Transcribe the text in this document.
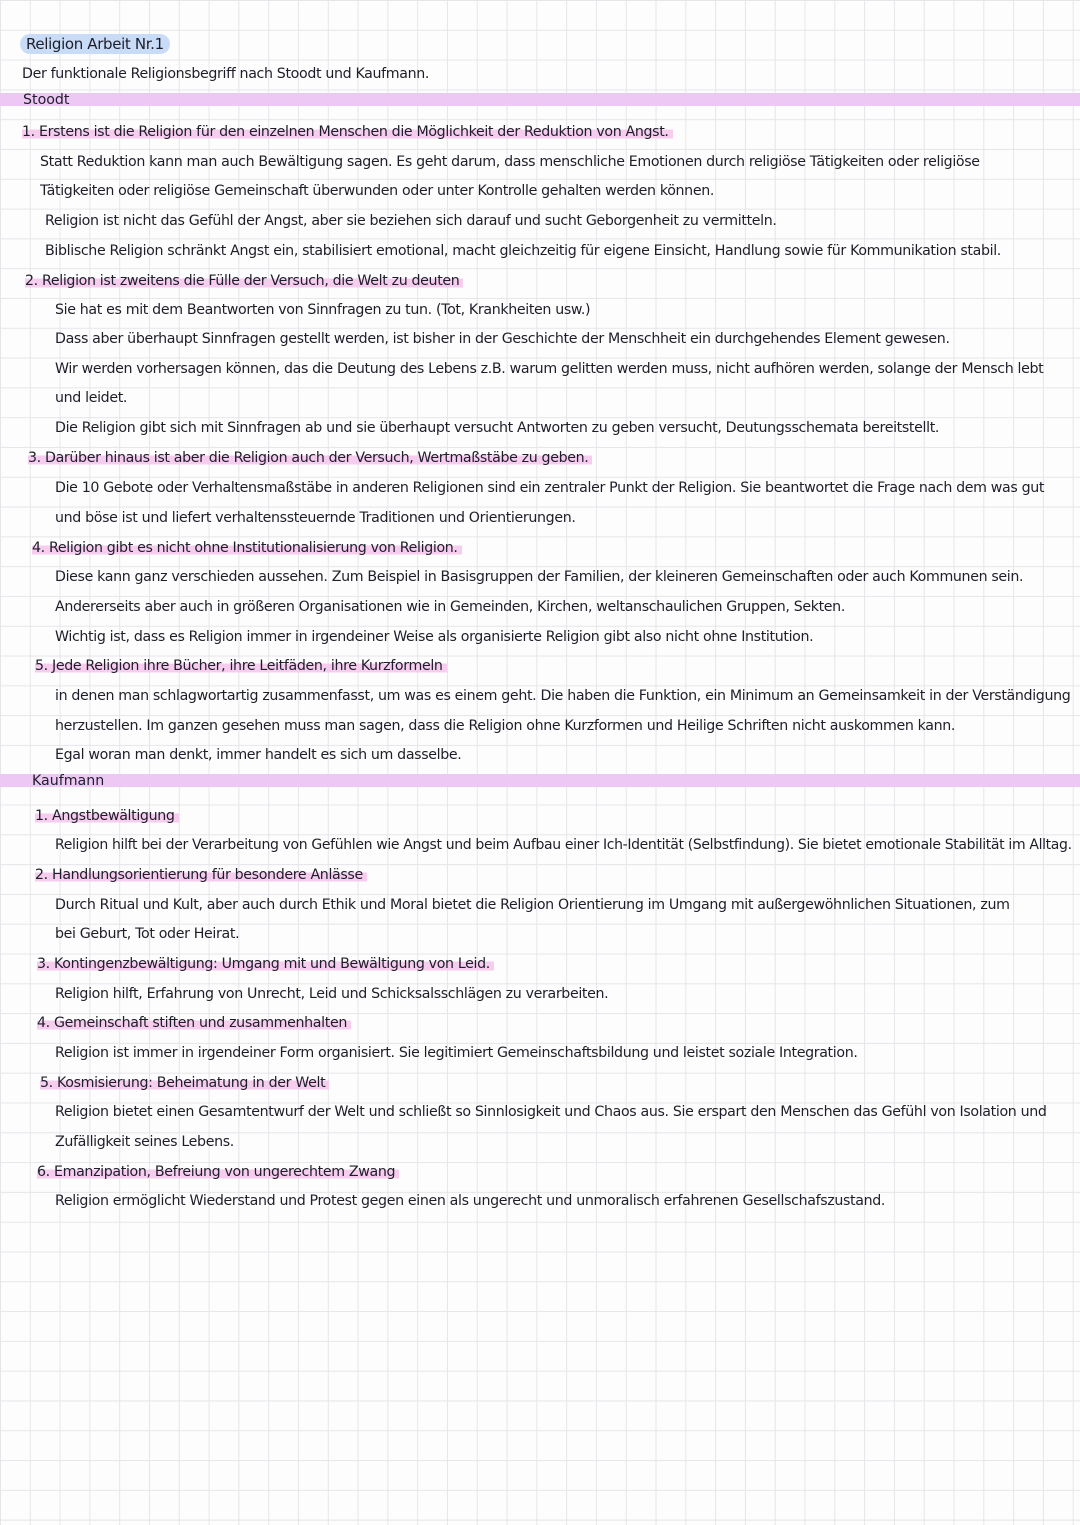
Religion Arbeit Nr.1
Der funktionale Religionsbegriff nach Stoodt und Kaufmann.
Stoodt
1. Erstens ist die Religion für den einzelnen Menschen die Möglichkeit der Reduktion von Angst.
Statt Reduktion kann man auch Bewältigung sagen. Es geht darum, dass menschliche Emotionen durch religiöse Tätigkeiten oder religiöse
Tätigkeiten oder religiöse Gemeinschaft überwunden oder unter Kontrolle gehalten werden können.
Religion ist nicht das Gefühl der Angst, aber sie beziehen sich darauf und sucht Geborgenheit zu vermitteln.
Biblische Religion schränkt Angst ein, stabilisiert emotional, macht gleichzeitig für eigene Einsicht, Handlung sowie für Kommunikation stabil.
2. Religion ist zweitens die Fülle der Versuch, die Welt zu deuten
Sie hat es mit dem Beantworten von Sinnfragen zu tun. (Tot, Krankheiten usw.)
Dass aber überhaupt Sinnfragen gestellt werden, ist bisher in der Geschichte der Menschheit ein durchgehendes Element gewesen.
Wir werden vorhersagen können, das die Deutung des Lebens z.B. warum gelitten werden muss, nicht aufhören werden, solange der Mensch lebt
und leidet.
Die Religion gibt sich mit Sinnfragen ab und sie überhaupt versucht Antworten zu geben versucht, Deutungsschemata bereitstellt.
3. Darüber hinaus ist aber die Religion auch der Versuch, Wertmaßstäbe zu geben.
Die 10 Gebote oder Verhaltensmaßstäbe in anderen Religionen sind ein zentraler Punkt der Religion. Sie beantwortet die Frage nach dem was gut
und böse ist und liefert verhaltenssteuernde Traditionen und Orientierungen.
4. Religion gibt es nicht ohne Institutionalisierung von Religion.
Diese kann ganz verschieden aussehen. Zum Beispiel in Basisgruppen der Familien, der kleineren Gemeinschaften oder auch Kommunen sein.
Andererseits aber auch in größeren Organisationen wie in Gemeinden, Kirchen, weltanschaulichen Gruppen, Sekten.
Wichtig ist, dass es Religion immer in irgendeiner Weise als organisierte Religion gibt also nicht ohne Institution.
5. Jede Religion ihre Bücher, ihre Leitfäden, ihre Kurzformeln
in denen man schlagwortartig zusammenfasst, um was es einem geht. Die haben die Funktion, ein Minimum an Gemeinsamkeit in der Verständigung
herzustellen. Im ganzen gesehen muss man sagen, dass die Religion ohne Kurzformen und Heilige Schriften nicht auskommen kann.
Egal woran man denkt, immer handelt es sich um dasselbe.
Kaufmann
1. Angstbewältigung
Religion hilft bei der Verarbeitung von Gefühlen wie Angst und beim Aufbau einer Ich-Identität (Selbstfindung). Sie bietet emotionale Stabilität im Alltag.
2. Handlungsorientierung für besondere Anlässe
Durch Ritual und Kult, aber auch durch Ethik und Moral bietet die Religion Orientierung im Umgang mit außergewöhnlichen Situationen, zum
bei Geburt, Tot oder Heirat.
3. Kontingenzbewältigung: Umgang mit und Bewältigung von Leid.
Religion hilft, Erfahrung von Unrecht, Leid und Schicksalsschlägen zu verarbeiten.
4. Gemeinschaft stiften und zusammenhalten
Religion ist immer in irgendeiner Form organisiert. Sie legitimiert Gemeinschaftsbildung und leistet soziale Integration.
5. Kosmisierung: Beheimatung in der Welt
Religion bietet einen Gesamtentwurf der Welt und schließt so Sinnlosigkeit und Chaos aus. Sie erspart den Menschen das Gefühl von Isolation und
Zufälligkeit seines Lebens.
6. Emanzipation, Befreiung von ungerechtem Zwang
Religion ermöglicht Wiederstand und Protest gegen einen als ungerecht und unmoralisch erfahrenen Gesellschafszustand.
